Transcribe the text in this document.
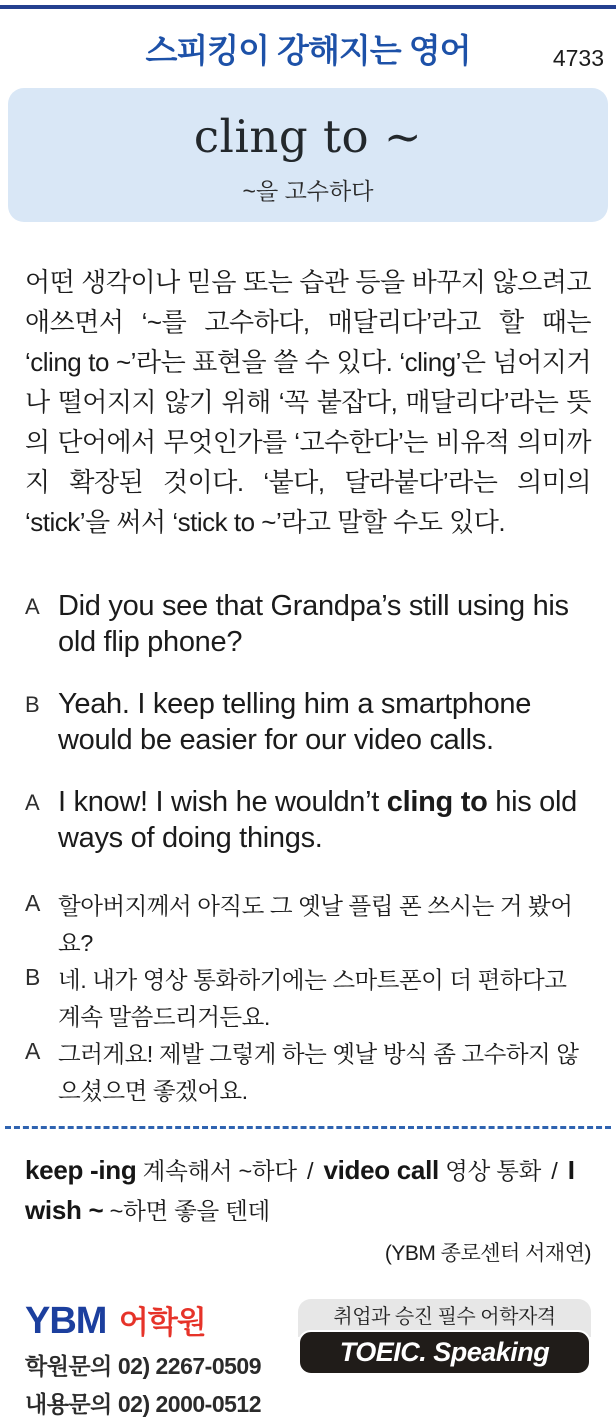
스피킹이 강해지는 영어	4733
cling to ~
~을 고수하다
어떤 생각이나 믿음 또는 습관 등을 바꾸지 않으려고 애쓰면서 ‘~를 고수하다, 매달리다’라고 할 때는 ‘cling to ~’라는 표현을 쓸 수 있다. ‘cling’은 넘어지거나 떨어지지 않기 위해 ‘꼭 붙잡다, 매달리다’라는 뜻의 단어에서 무엇인가를 ‘고수한다’는 비유적 의미까지 확장된 것이다. ‘붙다, 달라붙다’라는 의미의 ‘stick’을 써서 ‘stick to ~’라고 말할 수도 있다.
A Did you see that Grandpa’s still using his old flip phone?
B Yeah. I keep telling him a smartphone would be easier for our video calls.
A I know! I wish he wouldn’t cling to his old ways of doing things.
A 할아버지께서 아직도 그 옛날 플립 폰 쓰시는 거 봤어요?
B 네. 내가 영상 통화하기에는 스마트폰이 더 편하다고 계속 말씀드리거든요.
A 그러게요! 제발 그렇게 하는 옛날 방식 좀 고수하지 않으셨으면 좋겠어요.
keep -ing 계속해서 ~하다 / video call 영상 통화 / I wish ~ ~하면 좋을 텐데
(YBM 종로센터 서재연)
YBM 어학원
학원문의 02) 2267-0509
내용문의 02) 2000-0512
취업과 승진 필수 어학자격
TOEIC. Speaking
